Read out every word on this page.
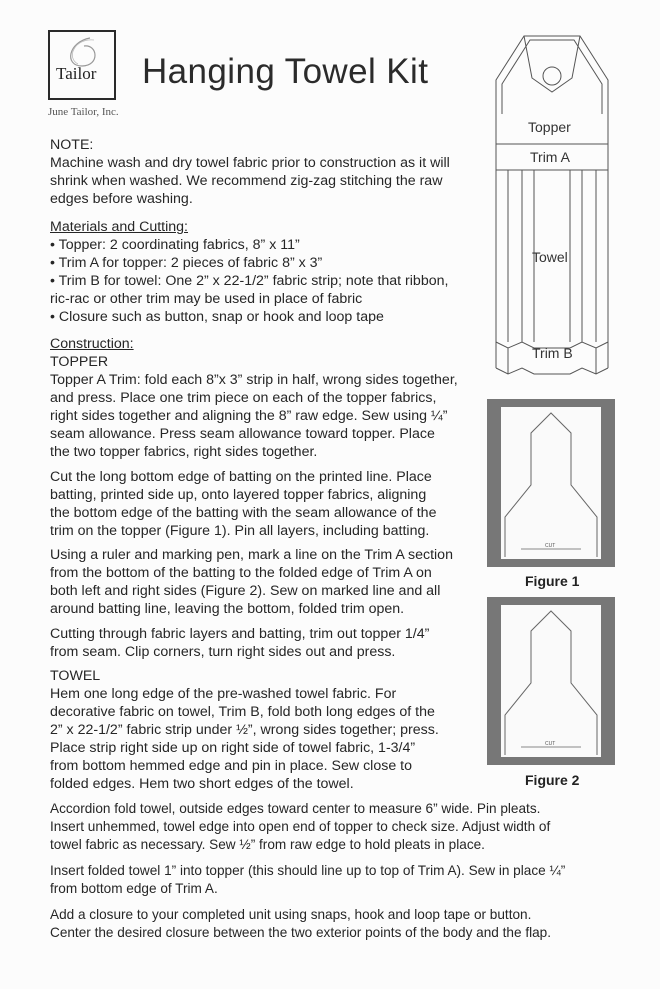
Tailor
June Tailor, Inc.
Hanging Towel Kit
NOTE:
Machine wash and dry towel fabric prior to construction as it will
shrink when washed. We recommend zig-zag stitching the raw
edges before washing.
Materials and Cutting:
• Topper: 2 coordinating fabrics, 8” x 11”
• Trim A for topper: 2 pieces of fabric 8” x 3”
• Trim B for towel: One 2” x 22-1/2” fabric strip; note that ribbon,
ric-rac or other trim may be used in place of fabric
• Closure such as button, snap or hook and loop tape
Construction:
TOPPER
Topper A Trim: fold each 8”x 3” strip in half, wrong sides together,
and press. Place one trim piece on each of the topper fabrics,
right sides together and aligning the 8” raw edge. Sew using ¼”
seam allowance. Press seam allowance toward topper. Place
the two topper fabrics, right sides together.
Cut the long bottom edge of batting on the printed line. Place
batting, printed side up, onto layered topper fabrics, aligning
the bottom edge of the batting with the seam allowance of the
trim on the topper (Figure 1). Pin all layers, including batting.
Using a ruler and marking pen, mark a line on the Trim A section
from the bottom of the batting to the folded edge of Trim A on
both left and right sides (Figure 2). Sew on marked line and all
around batting line, leaving the bottom, folded trim open.
Cutting through fabric layers and batting, trim out topper 1/4”
from seam. Clip corners, turn right sides out and press.
TOWEL
Hem one long edge of the pre-washed towel fabric. For
decorative fabric on towel, Trim B, fold both long edges of the
2” x 22-1/2” fabric strip under ½”, wrong sides together; press.
Place strip right side up on right side of towel fabric, 1-3/4”
from bottom hemmed edge and pin in place. Sew close to
folded edges. Hem two short edges of the towel.
Accordion fold towel, outside edges toward center to measure 6” wide. Pin pleats.
Insert unhemmed, towel edge into open end of topper to check size. Adjust width of
towel fabric as necessary. Sew ½” from raw edge to hold pleats in place.
Insert folded towel 1” into topper (this should line up to top of Trim A). Sew in place ¼”
from bottom edge of Trim A.
Add a closure to your completed unit using snaps, hook and loop tape or button.
Center the desired closure between the two exterior points of the body and the flap.
Topper
Trim A
Towel
Trim B
CUT
Figure 1
CUT
Figure 2
